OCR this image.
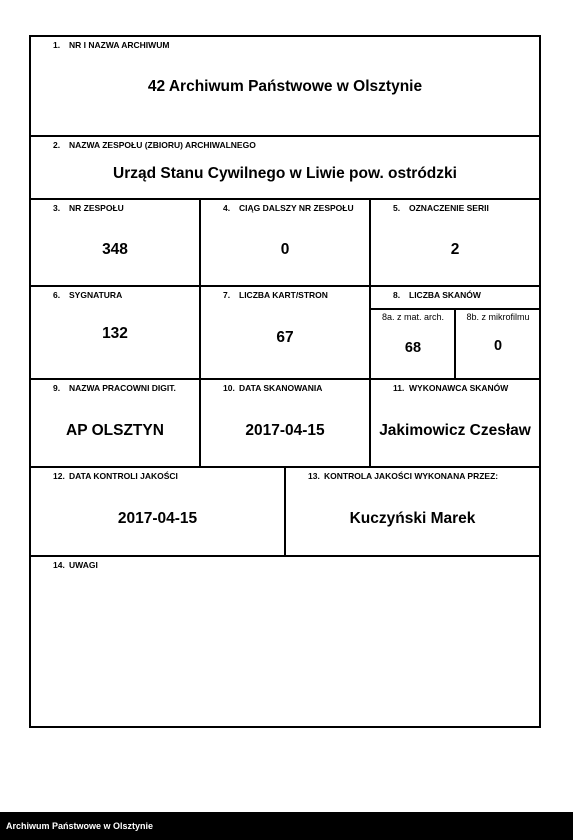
1. NR I NAZWA ARCHIWUM
42 Archiwum Państwowe w Olsztynie
2. NAZWA ZESPOŁU (ZBIORU) ARCHIWALNEGO
Urząd Stanu Cywilnego w Liwie pow. ostródzki
3. NR ZESPOŁU
348
4. CIĄG DALSZY NR ZESPOŁU
0
5. OZNACZENIE SERII
2
6. SYGNATURA
132
7. LICZBA KART/STRON
67
8. LICZBA SKANÓW
8a. z mat. arch.	8b. z mikrofilmu
68	0
9. NAZWA PRACOWNI DIGIT.
AP OLSZTYN
10. DATA SKANOWANIA
2017-04-15
11. WYKONAWCA SKANÓW
Jakimowicz Czesław
12. DATA KONTROLI JAKOŚCI
2017-04-15
13. KONTROLA JAKOŚCI WYKONANA PRZEZ:
Kuczyński Marek
14. UWAGI
Archiwum Państwowe w Olsztynie
